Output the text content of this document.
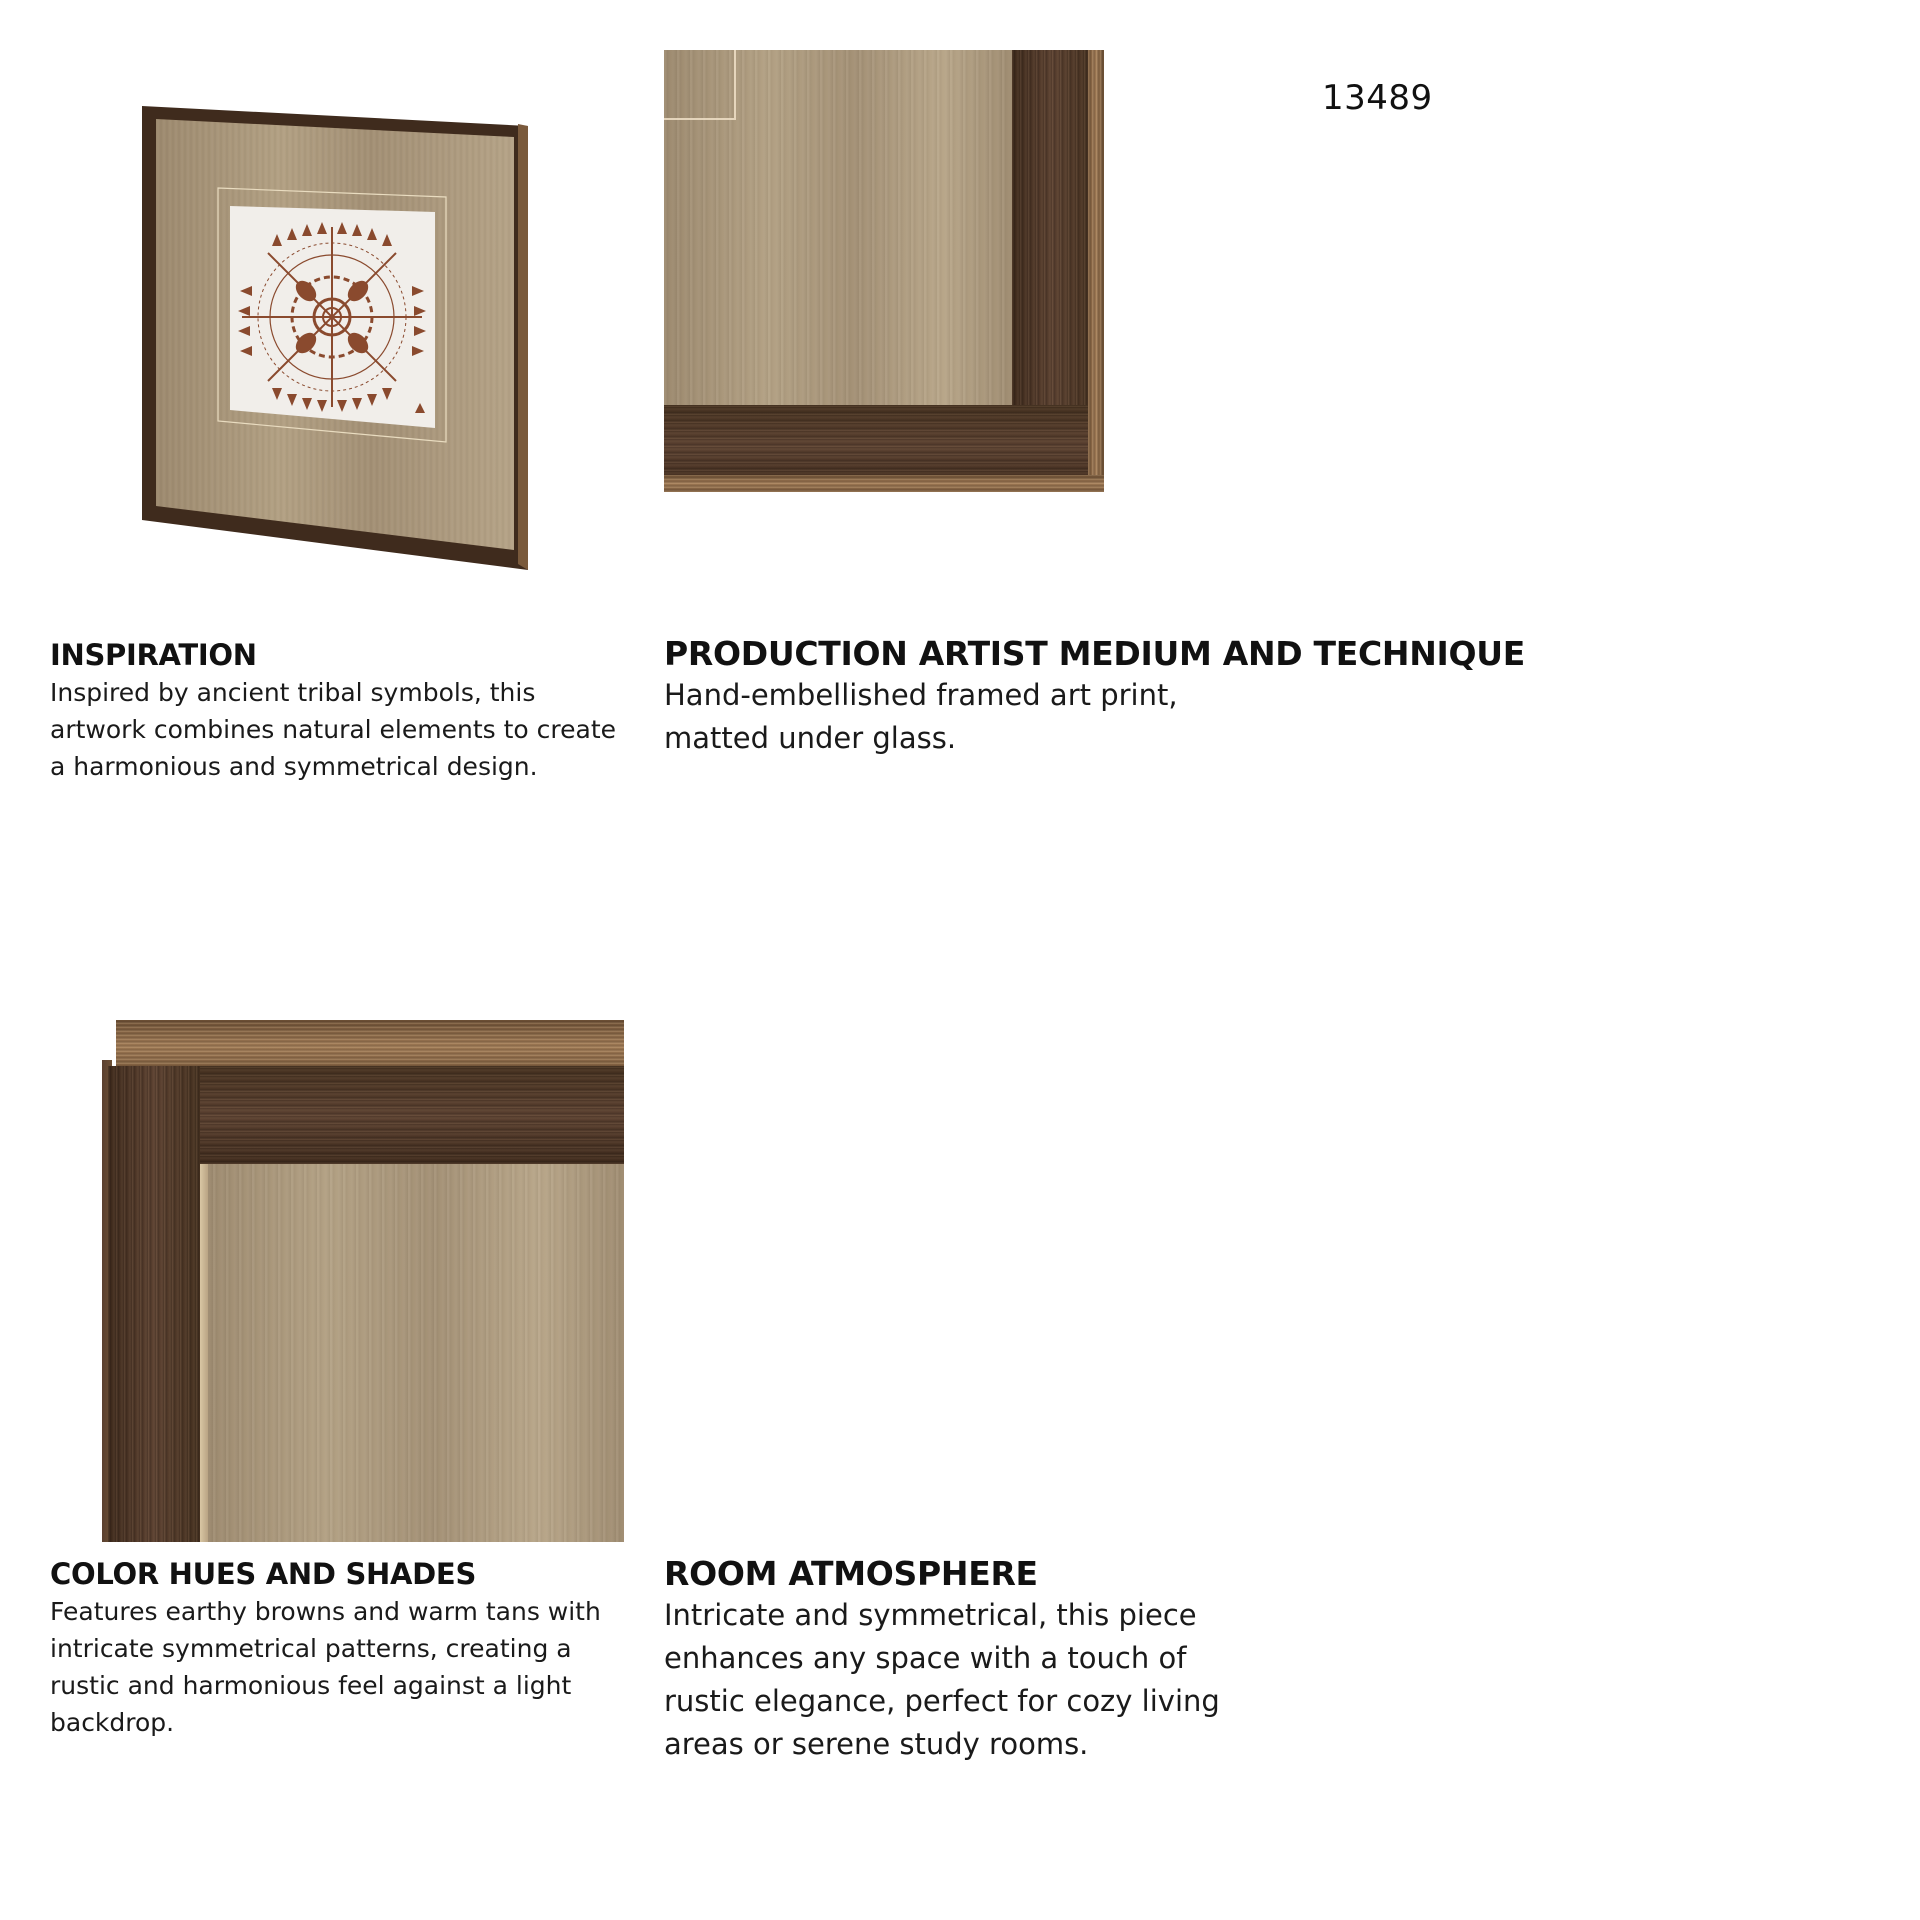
13489
INSPIRATION

Inspired by ancient tribal symbols, this
artwork combines natural elements to create
a harmonious and symmetrical design.

PRODUCTION ARTIST MEDIUM AND TECHNIQUE

Hand-embellished framed art print,
matted under glass.

COLOR HUES AND SHADES

Features earthy browns and warm tans with
intricate symmetrical patterns, creating a
rustic and harmonious feel against a light
backdrop.

ROOM ATMOSPHERE

Intricate and symmetrical, this piece
enhances any space with a touch of
rustic elegance, perfect for cozy living
areas or serene study rooms.
